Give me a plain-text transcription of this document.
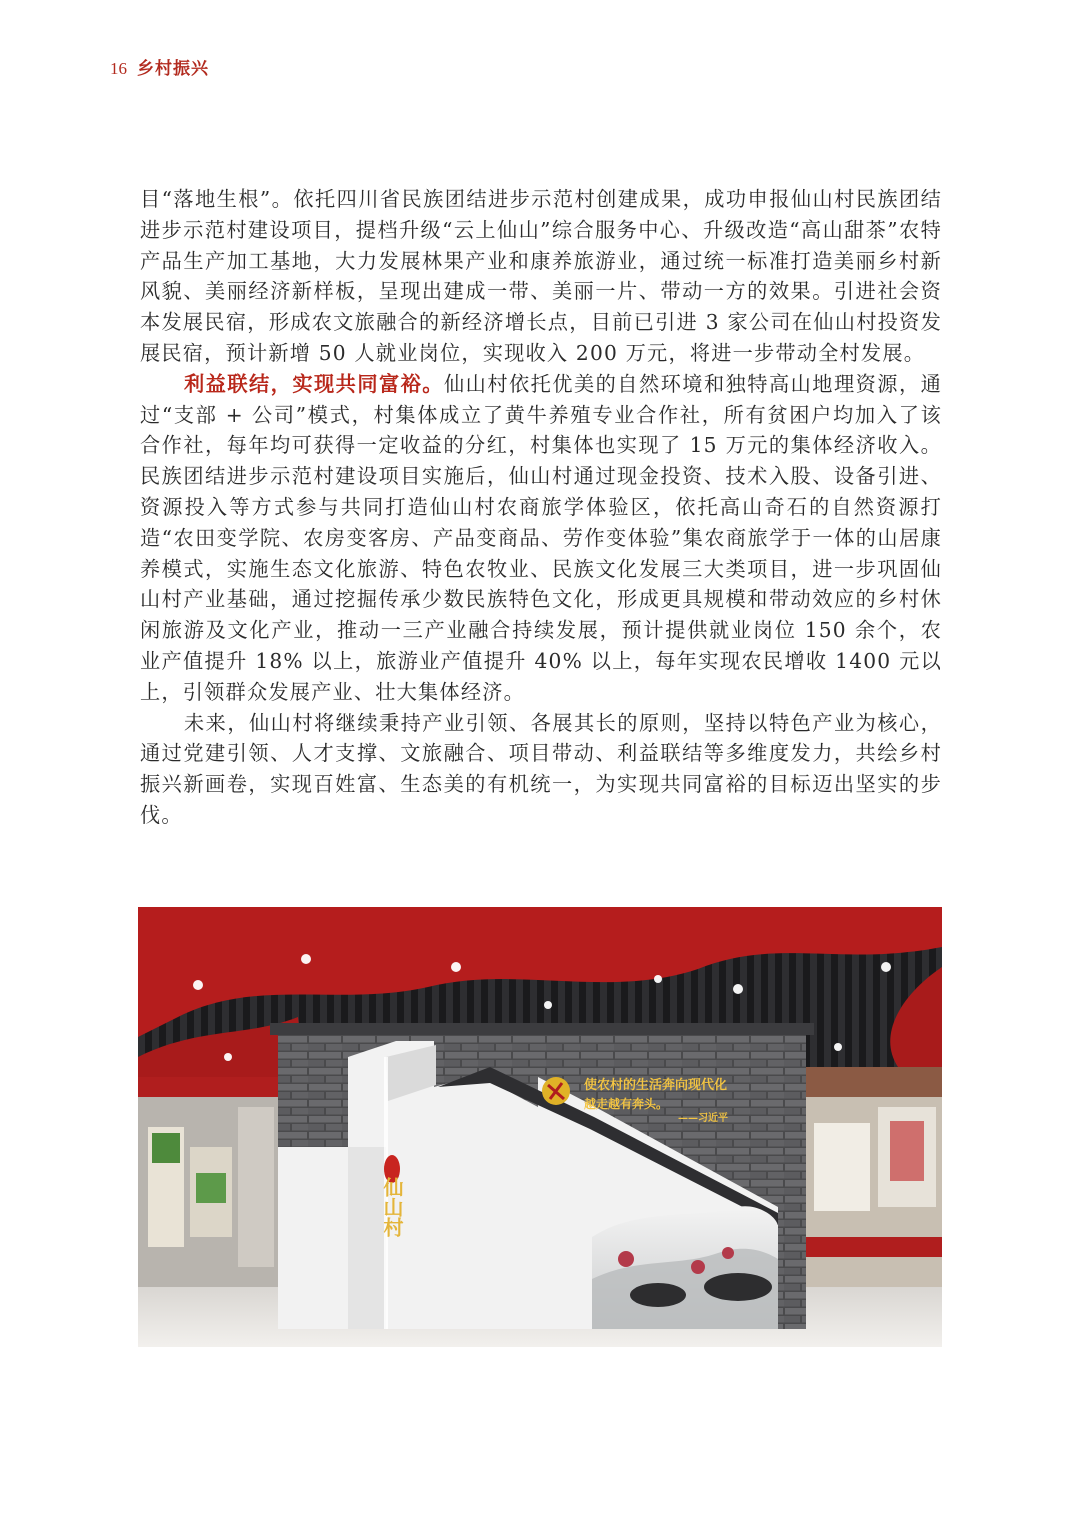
16 乡村振兴

目“落地生根”。依托四川省民族团结进步示范村创建成果，成功申报仙山村民族团结进步示范村建设项目，提档升级“云上仙山”综合服务中心、升级改造“高山甜茶”农特产品生产加工基地，大力发展林果产业和康养旅游业，通过统一标准打造美丽乡村新风貌、美丽经济新样板，呈现出建成一带、美丽一片、带动一方的效果。引进社会资本发展民宿，形成农文旅融合的新经济增长点，目前已引进 3 家公司在仙山村投资发展民宿，预计新增 50 人就业岗位，实现收入 200 万元，将进一步带动全村发展。

利益联结，实现共同富裕。仙山村依托优美的自然环境和独特高山地理资源，通过“支部 + 公司”模式，村集体成立了黄牛养殖专业合作社，所有贫困户均加入了该合作社，每年均可获得一定收益的分红，村集体也实现了 15 万元的集体经济收入。民族团结进步示范村建设项目实施后，仙山村通过现金投资、技术入股、设备引进、资源投入等方式参与共同打造仙山村农商旅学体验区，依托高山奇石的自然资源打造“农田变学院、农房变客房、产品变商品、劳作变体验”集农商旅学于一体的山居康养模式，实施生态文化旅游、特色农牧业、民族文化发展三大类项目，进一步巩固仙山村产业基础，通过挖掘传承少数民族特色文化，形成更具规模和带动效应的乡村休闲旅游及文化产业，推动一三产业融合持续发展，预计提供就业岗位 150 余个，农业产值提升 18% 以上，旅游业产值提升 40% 以上，每年实现农民增收 1400 元以上，引领群众发展产业、壮大集体经济。

未来，仙山村将继续秉持产业引领、各展其长的原则，坚持以特色产业为核心，通过党建引领、人才支撑、文旅融合、项目带动、利益联结等多维度发力，共绘乡村振兴新画卷，实现百姓富、生态美的有机统一，为实现共同富裕的目标迈出坚实的步伐。

使农村的生活奔向现代化
越走越有奔头。
——习近平
仙山村
